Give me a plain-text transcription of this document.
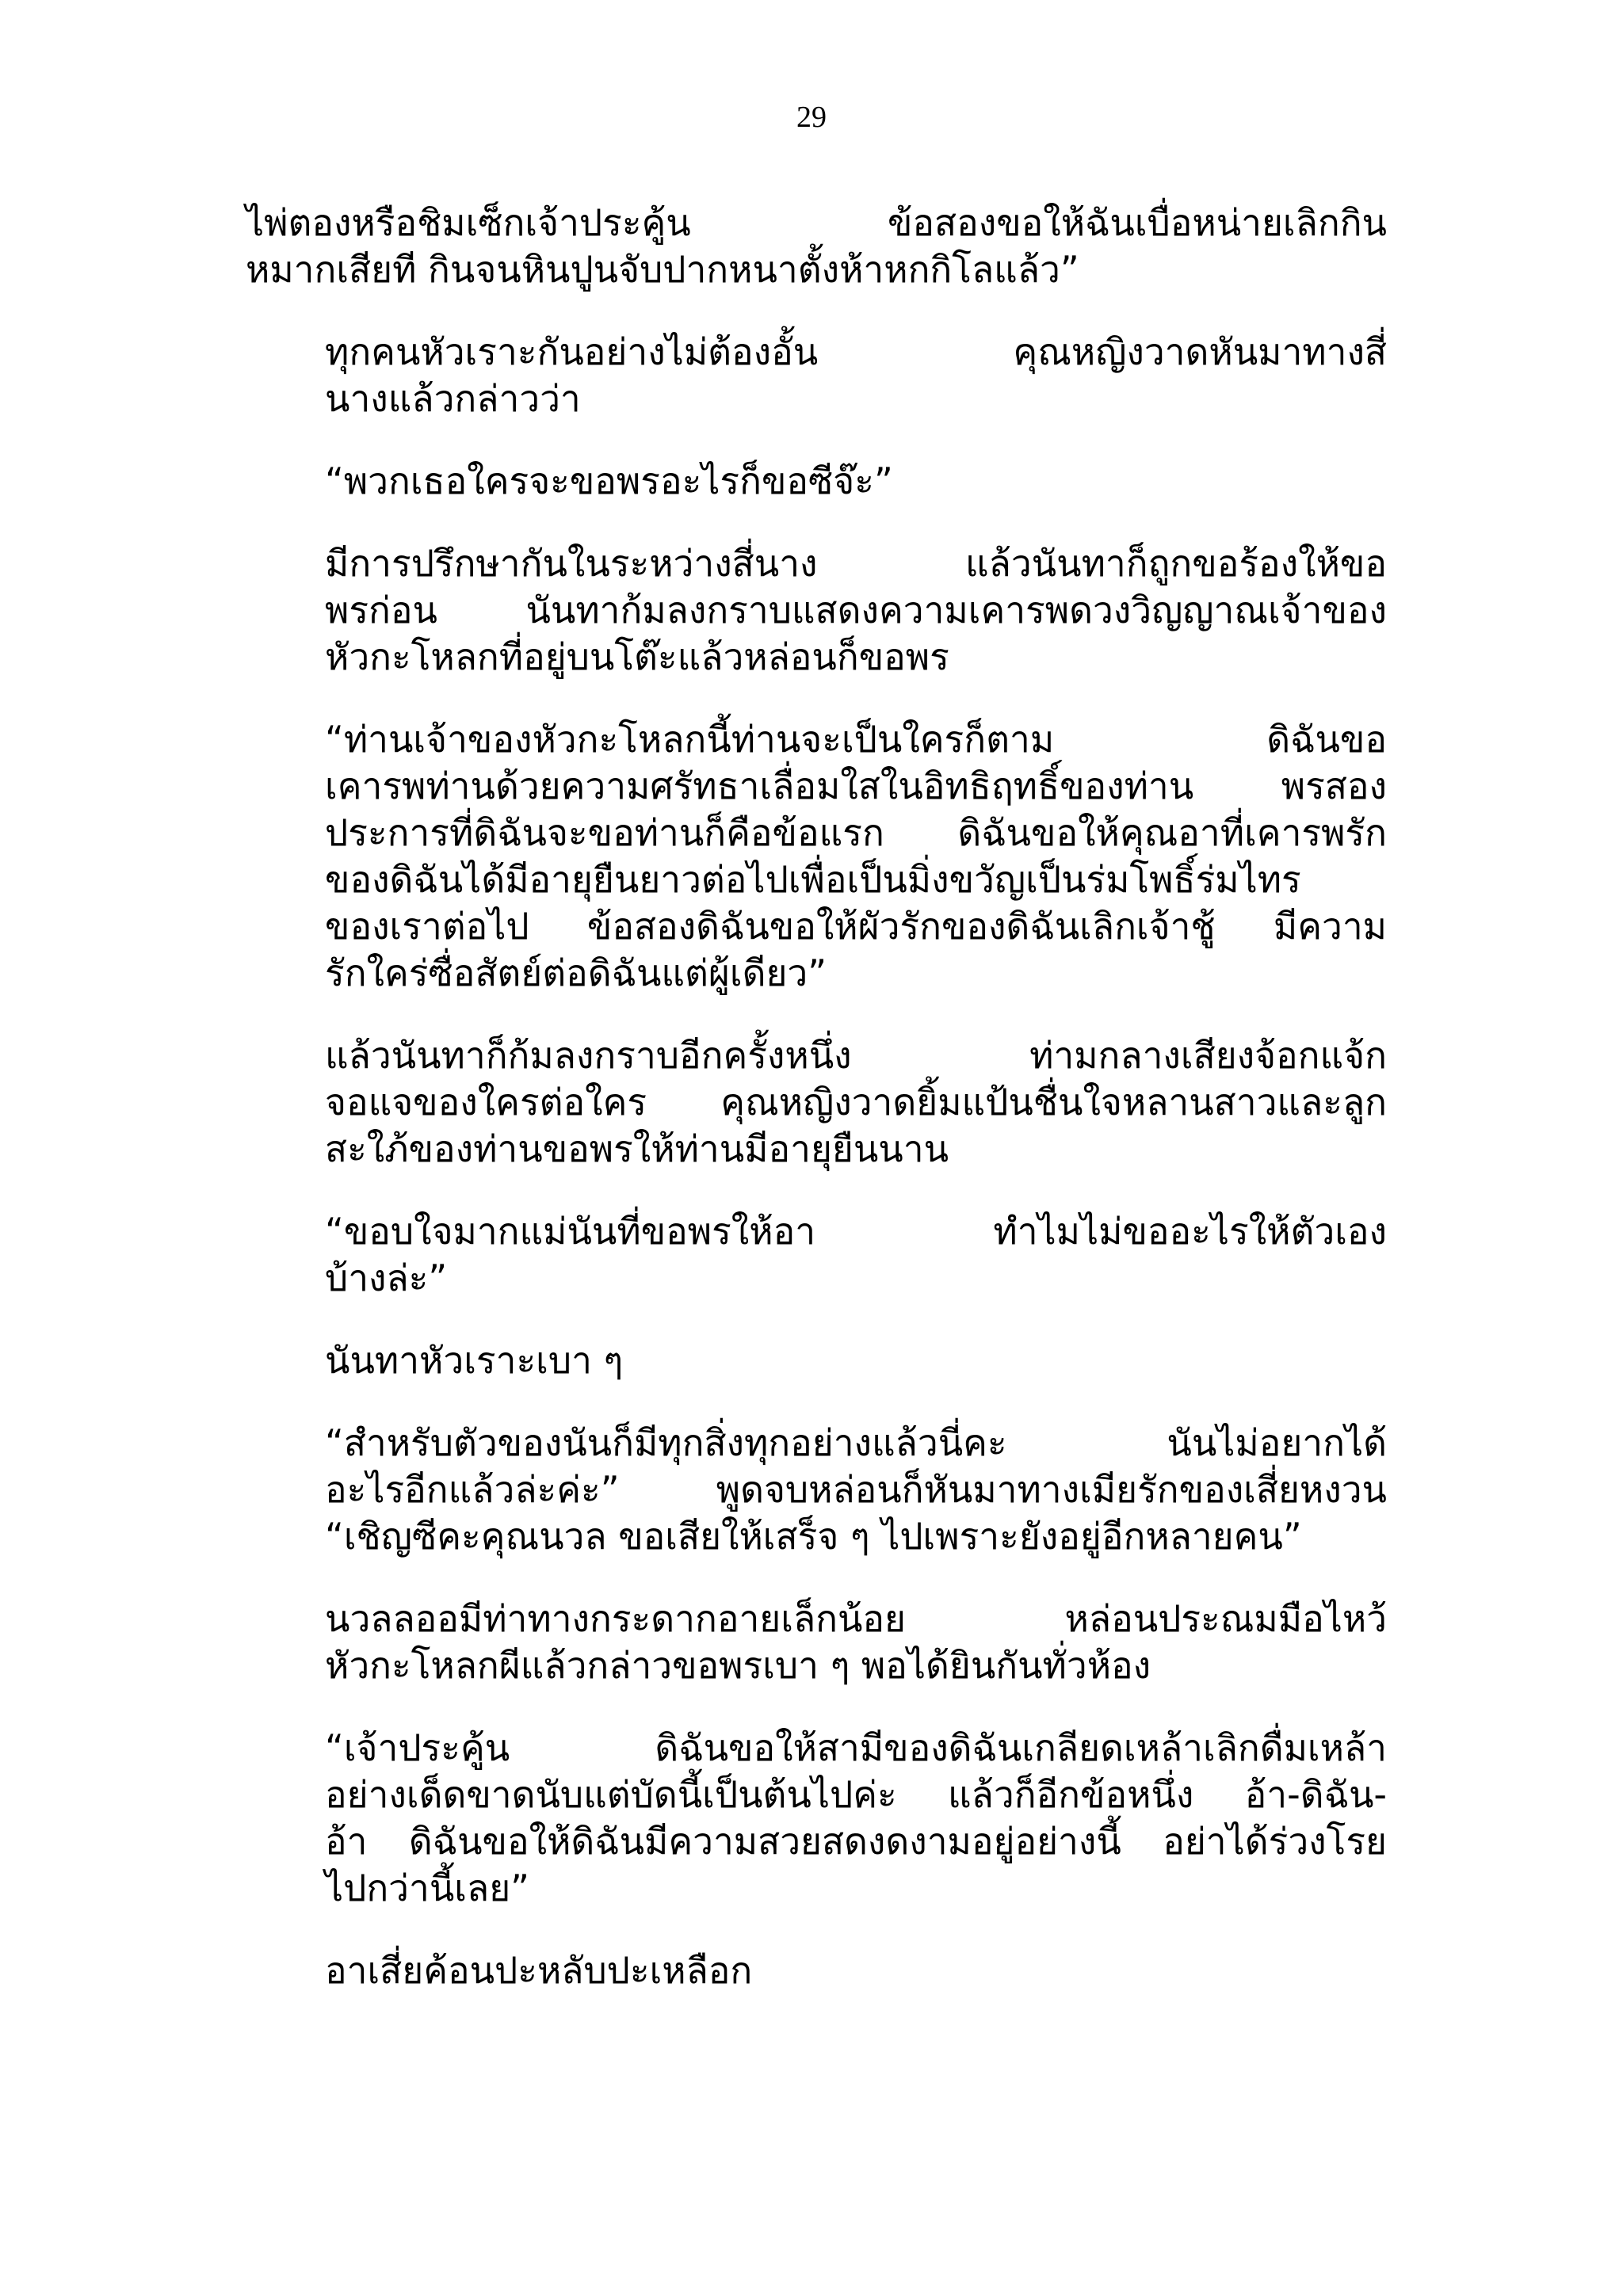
29
ไพ่ตองหรือชิมเซ็กเจ้าประคู้น ข้อสองขอให้ฉันเบื่อหน่ายเลิกกิน
หมากเสียที กินจนหินปูนจับปากหนาตั้งห้าหกกิโลแล้ว”
ทุกคนหัวเราะกันอย่างไม่ต้องอั้น คุณหญิงวาดหันมาทางสี่
นางแล้วกล่าวว่า
“พวกเธอใครจะขอพรอะไรก็ขอซีจ๊ะ”
มีการปรึกษากันในระหว่างสี่นาง แล้วนันทาก็ถูกขอร้องให้ขอ
พรก่อน นันทาก้มลงกราบแสดงความเคารพดวงวิญญาณเจ้าของ
หัวกะโหลกที่อยู่บนโต๊ะแล้วหล่อนก็ขอพร
“ท่านเจ้าของหัวกะโหลกนี้ท่านจะเป็นใครก็ตาม ดิฉันขอ
เคารพท่านด้วยความศรัทธาเลื่อมใสในอิทธิฤทธิ์ของท่าน พรสอง
ประการที่ดิฉันจะขอท่านก็คือข้อแรก ดิฉันขอให้คุณอาที่เคารพรัก
ของดิฉันได้มีอายุยืนยาวต่อไปเพื่อเป็นมิ่งขวัญเป็นร่มโพธิ์ร่มไทร
ของเราต่อไป ข้อสองดิฉันขอให้ผัวรักของดิฉันเลิกเจ้าชู้ มีความ
รักใคร่ซื่อสัตย์ต่อดิฉันแต่ผู้เดียว”
แล้วนันทาก็ก้มลงกราบอีกครั้งหนึ่ง ท่ามกลางเสียงจ้อกแจ้ก
จอแจของใครต่อใคร คุณหญิงวาดยิ้มแป้นชื่นใจหลานสาวและลูก
สะใภ้ของท่านขอพรให้ท่านมีอายุยืนนาน
“ขอบใจมากแม่นันที่ขอพรให้อา ทำไมไม่ขออะไรให้ตัวเอง
บ้างล่ะ”
นันทาหัวเราะเบา ๆ
“สำหรับตัวของนันก็มีทุกสิ่งทุกอย่างแล้วนี่คะ นันไม่อยากได้
อะไรอีกแล้วล่ะค่ะ” พูดจบหล่อนก็หันมาทางเมียรักของเสี่ยหงวน
“เชิญซีคะคุณนวล ขอเสียให้เสร็จ ๆ ไปเพราะยังอยู่อีกหลายคน”
นวลลออมีท่าทางกระดากอายเล็กน้อย หล่อนประณมมือไหว้
หัวกะโหลกผีแล้วกล่าวขอพรเบา ๆ พอได้ยินกันทั่วห้อง
“เจ้าประคู้น ดิฉันขอให้สามีของดิฉันเกลียดเหล้าเลิกดื่มเหล้า
อย่างเด็ดขาดนับแต่บัดนี้เป็นต้นไปค่ะ แล้วก็อีกข้อหนึ่ง อ้า-ดิฉัน-
อ้า ดิฉันขอให้ดิฉันมีความสวยสดงดงามอยู่อย่างนี้ อย่าได้ร่วงโรย
ไปกว่านี้เลย”
อาเสี่ยค้อนปะหลับปะเหลือก
